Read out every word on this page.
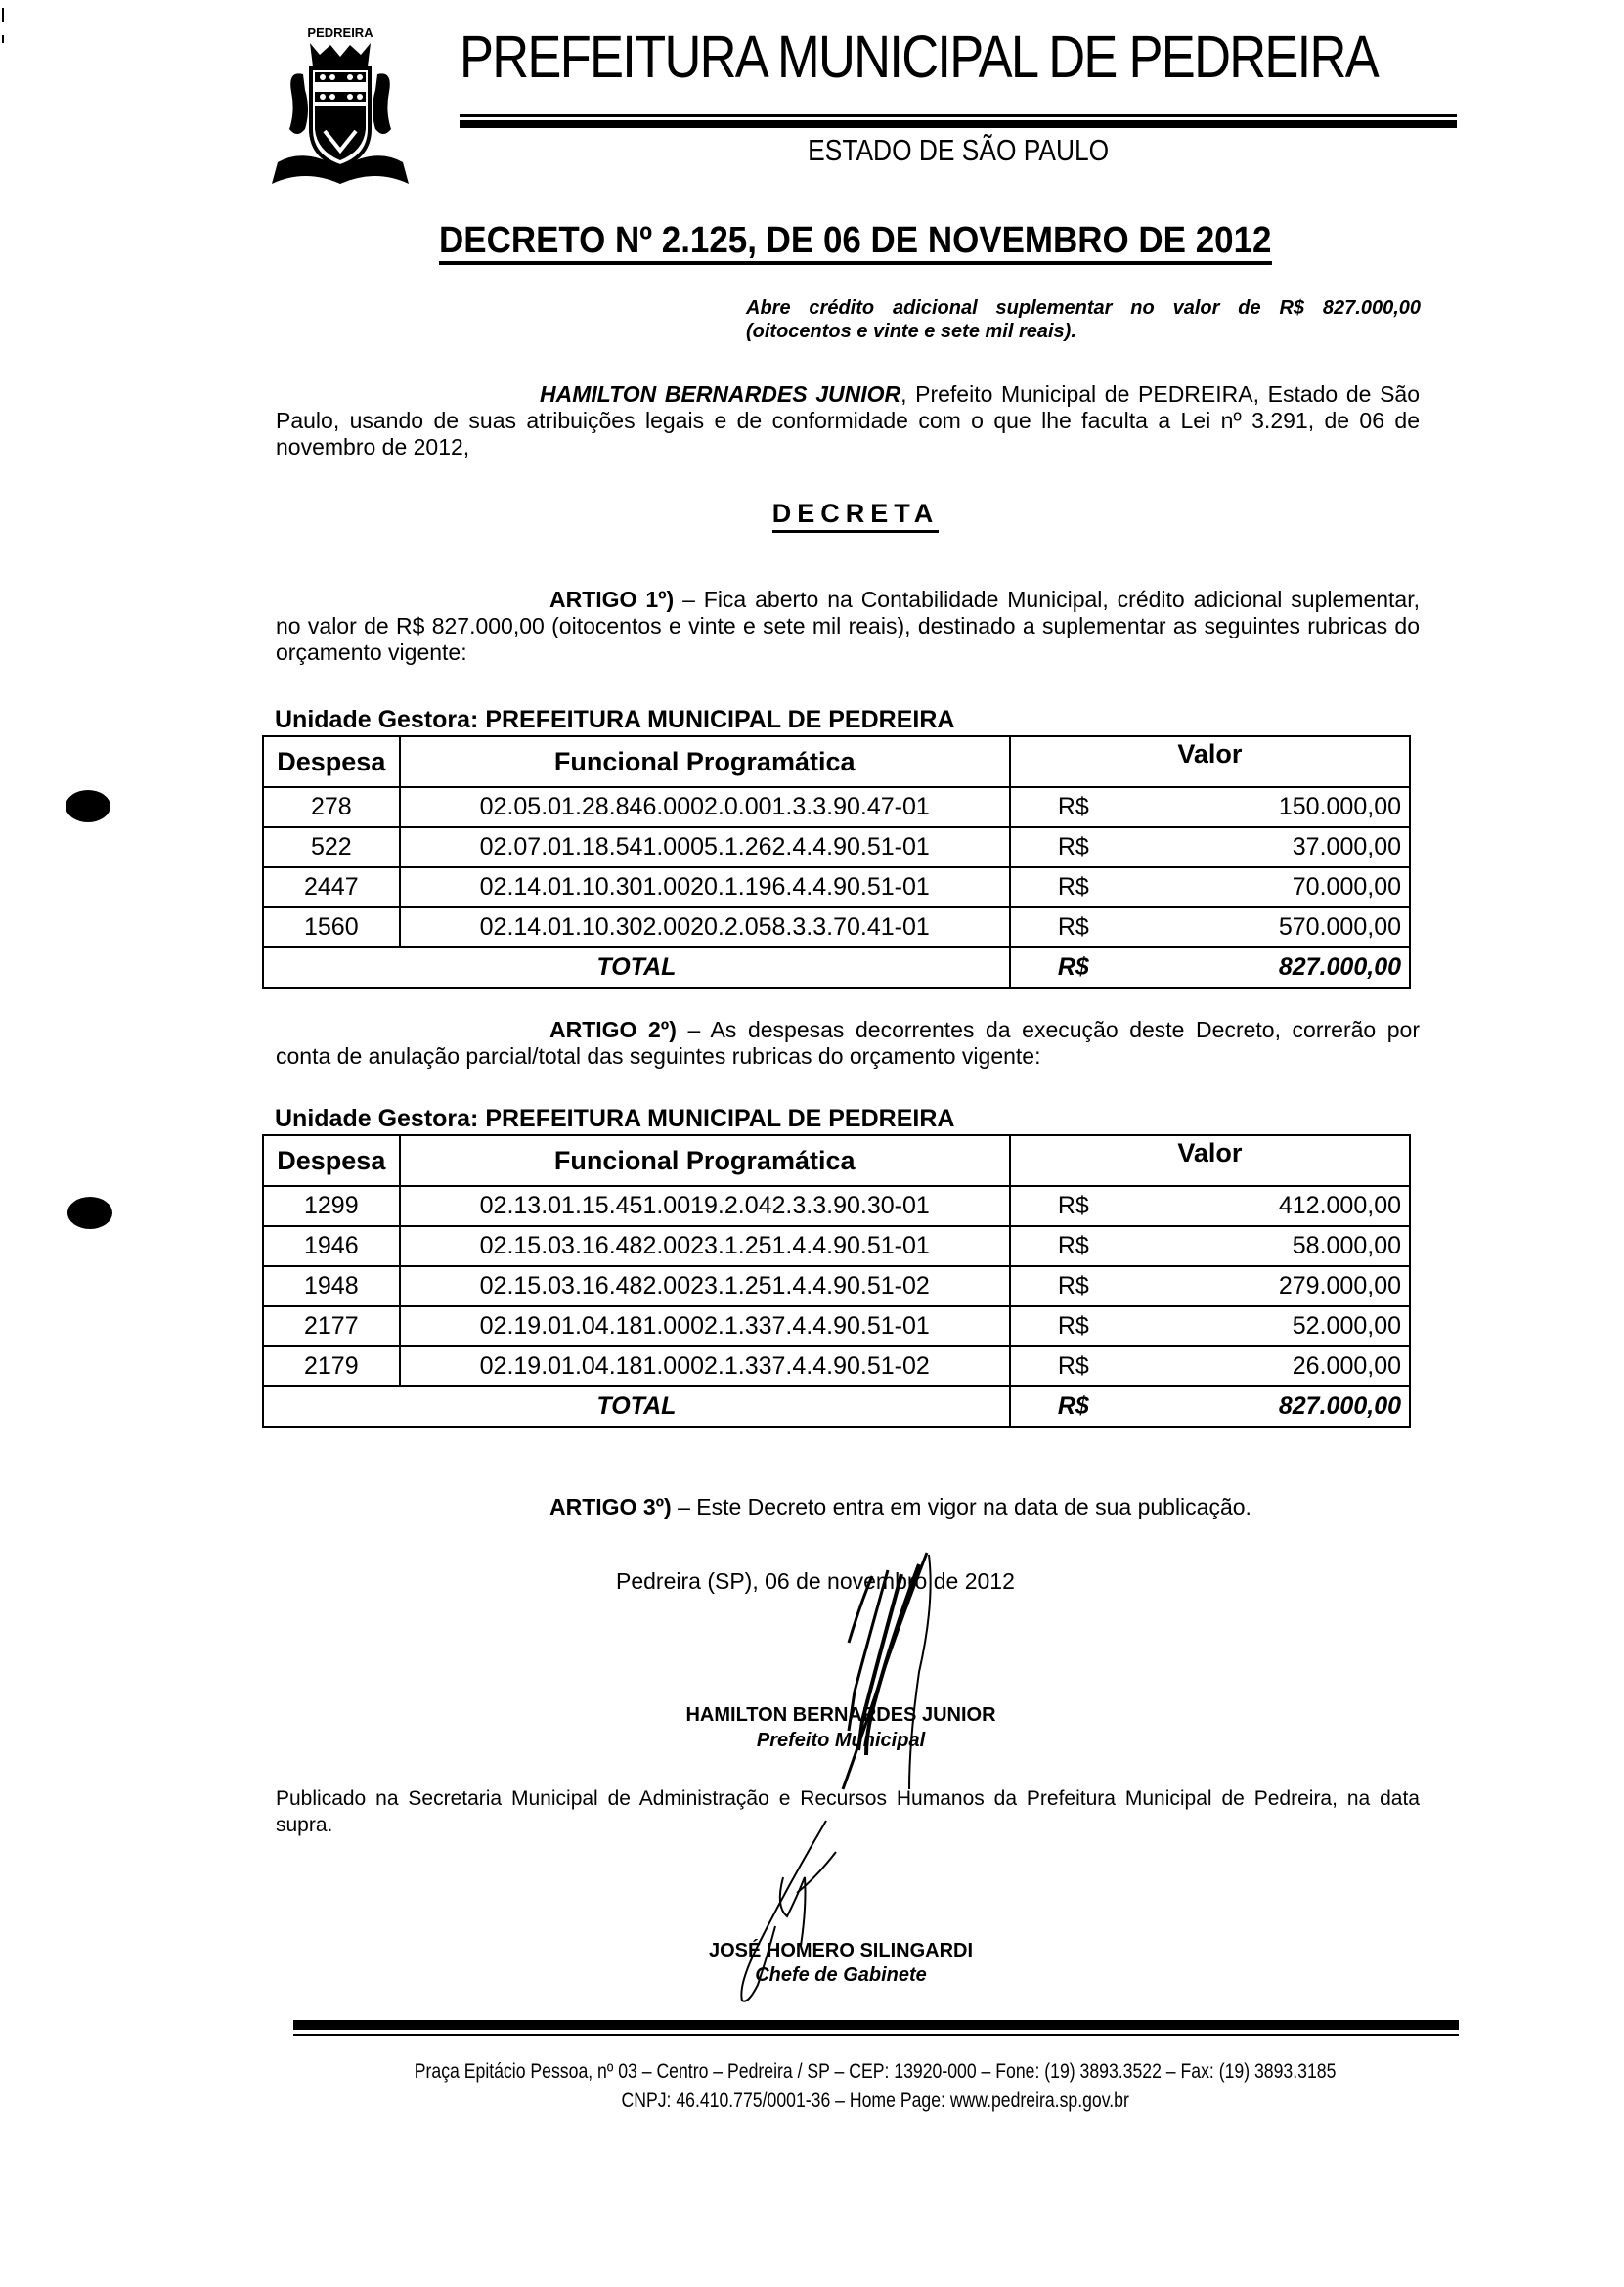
PEDREIRA PREFEITURA MUNICIPAL DE PEDREIRA
ESTADO DE SÃO PAULO
DECRETO Nº 2.125, DE 06 DE NOVEMBRO DE 2012
Abre crédito adicional suplementar no valor de R$ 827.000,00 (oitocentos e vinte e sete mil reais).
HAMILTON BERNARDES JUNIOR, Prefeito Municipal de PEDREIRA, Estado de São Paulo, usando de suas atribuições legais e de conformidade com o que lhe faculta a Lei nº 3.291, de 06 de novembro de 2012,
DECRETA
ARTIGO 1º) – Fica aberto na Contabilidade Municipal, crédito adicional suplementar, no valor de R$ 827.000,00 (oitocentos e vinte e sete mil reais), destinado a suplementar as seguintes rubricas do orçamento vigente:
Unidade Gestora: PREFEITURA MUNICIPAL DE PEDREIRA
Despesa	Funcional Programática	Valor
278	02.05.01.28.846.0002.0.001.3.3.90.47-01	R$ 150.000,00

522	02.07.01.18.541.0005.1.262.4.4.90.51-01	R$ 37.000,00

2447	02.14.01.10.301.0020.1.196.4.4.90.51-01	R$ 70.000,00

1560	02.14.01.10.302.0020.2.058.3.3.70.41-01	R$ 570.000,00

TOTAL		R$ 827.000,00
ARTIGO 2º) – As despesas decorrentes da execução deste Decreto, correrão por conta de anulação parcial/total das seguintes rubricas do orçamento vigente:
Unidade Gestora: PREFEITURA MUNICIPAL DE PEDREIRA
Despesa	Funcional Programática	Valor
1299	02.13.01.15.451.0019.2.042.3.3.90.30-01	R$ 412.000,00

1946	02.15.03.16.482.0023.1.251.4.4.90.51-01	R$ 58.000,00

1948	02.15.03.16.482.0023.1.251.4.4.90.51-02	R$ 279.000,00

2177	02.19.01.04.181.0002.1.337.4.4.90.51-01	R$ 52.000,00

2179	02.19.01.04.181.0002.1.337.4.4.90.51-02	R$ 26.000,00

TOTAL		R$ 827.000,00
ARTIGO 3º) – Este Decreto entra em vigor na data de sua publicação.
Pedreira (SP), 06 de novembro de 2012
HAMILTON BERNARDES JUNIOR
Prefeito Municipal
Publicado na Secretaria Municipal de Administração e Recursos Humanos da Prefeitura Municipal de Pedreira, na data supra.
JOSÉ HOMERO SILINGARDI
Chefe de Gabinete
Praça Epitácio Pessoa, nº 03 – Centro – Pedreira / SP – CEP: 13920-000 – Fone: (19) 3893.3522 – Fax: (19) 3893.3185
CNPJ: 46.410.775/0001-36 – Home Page: www.pedreira.sp.gov.br
